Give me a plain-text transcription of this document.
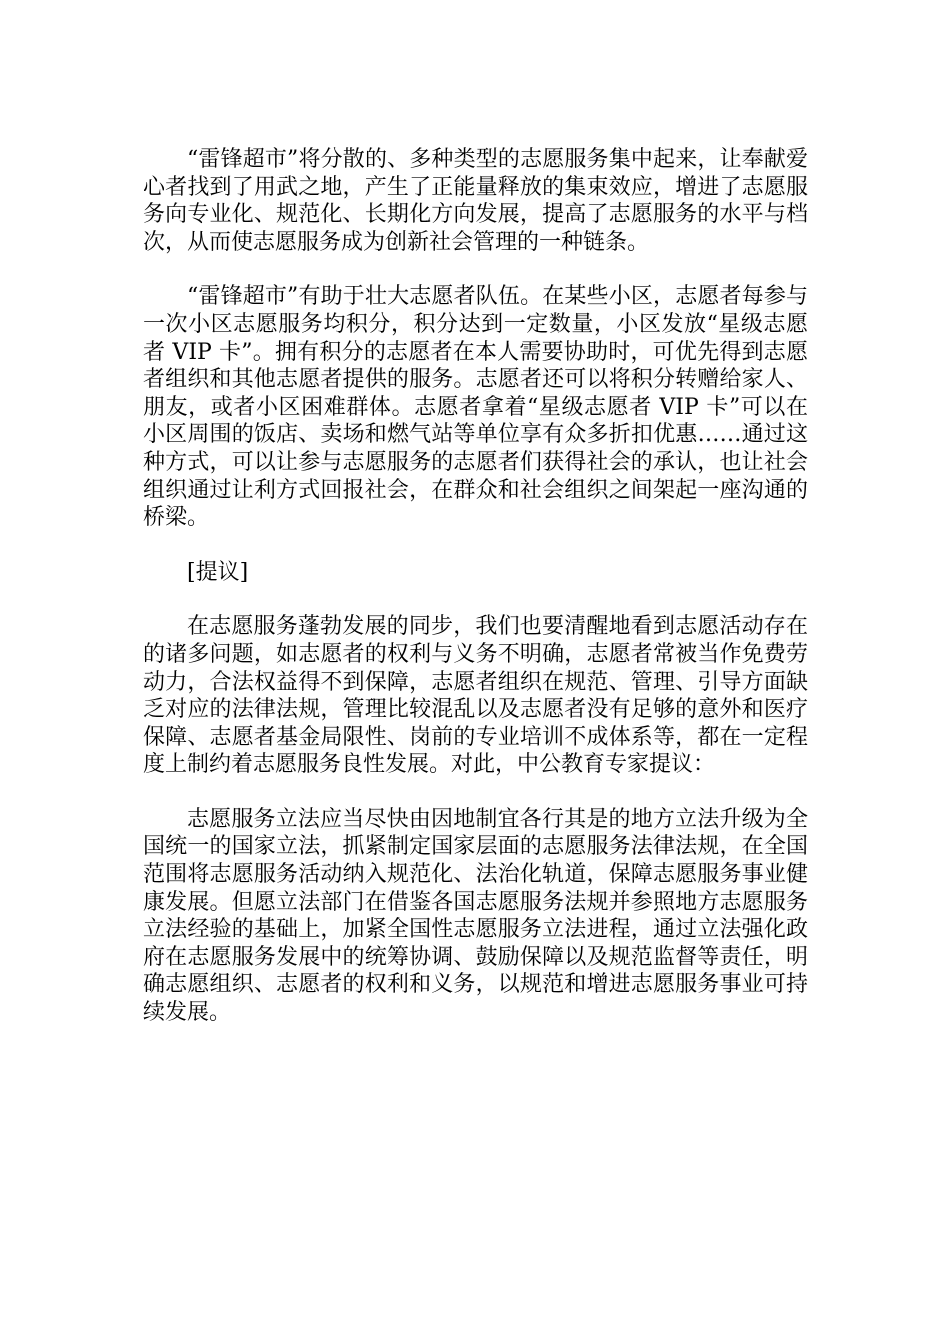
“雷锋超市”将分散的、多种类型的志愿服务集中起来，让奉献爱心者找到了用武之地，产生了正能量释放的集束效应，增进了志愿服务向专业化、规范化、长期化方向发展，提高了志愿服务的水平与档次，从而使志愿服务成为创新社会管理的一种链条。

“雷锋超市”有助于壮大志愿者队伍。在某些小区，志愿者每参与一次小区志愿服务均积分，积分达到一定数量，小区发放“星级志愿者 VIP 卡”。拥有积分的志愿者在本人需要协助时，可优先得到志愿者组织和其他志愿者提供的服务。志愿者还可以将积分转赠给家人、朋友，或者小区困难群体。志愿者拿着“星级志愿者 VIP 卡”可以在小区周围的饭店、卖场和燃气站等单位享有众多折扣优惠……通过这种方式，可以让参与志愿服务的志愿者们获得社会的承认，也让社会组织通过让利方式回报社会，在群众和社会组织之间架起一座沟通的桥梁。

[提议]

在志愿服务蓬勃发展的同步，我们也要清醒地看到志愿活动存在的诸多问题，如志愿者的权利与义务不明确，志愿者常被当作免费劳动力，合法权益得不到保障，志愿者组织在规范、管理、引导方面缺乏对应的法律法规，管理比较混乱以及志愿者没有足够的意外和医疗保障、志愿者基金局限性、岗前的专业培训不成体系等，都在一定程度上制约着志愿服务良性发展。对此，中公教育专家提议：

志愿服务立法应当尽快由因地制宜各行其是的地方立法升级为全国统一的国家立法，抓紧制定国家层面的志愿服务法律法规，在全国范围将志愿服务活动纳入规范化、法治化轨道，保障志愿服务事业健康发展。但愿立法部门在借鉴各国志愿服务法规并参照地方志愿服务立法经验的基础上，加紧全国性志愿服务立法进程，通过立法强化政府在志愿服务发展中的统筹协调、鼓励保障以及规范监督等责任，明确志愿组织、志愿者的权利和义务，以规范和增进志愿服务事业可持续发展。
